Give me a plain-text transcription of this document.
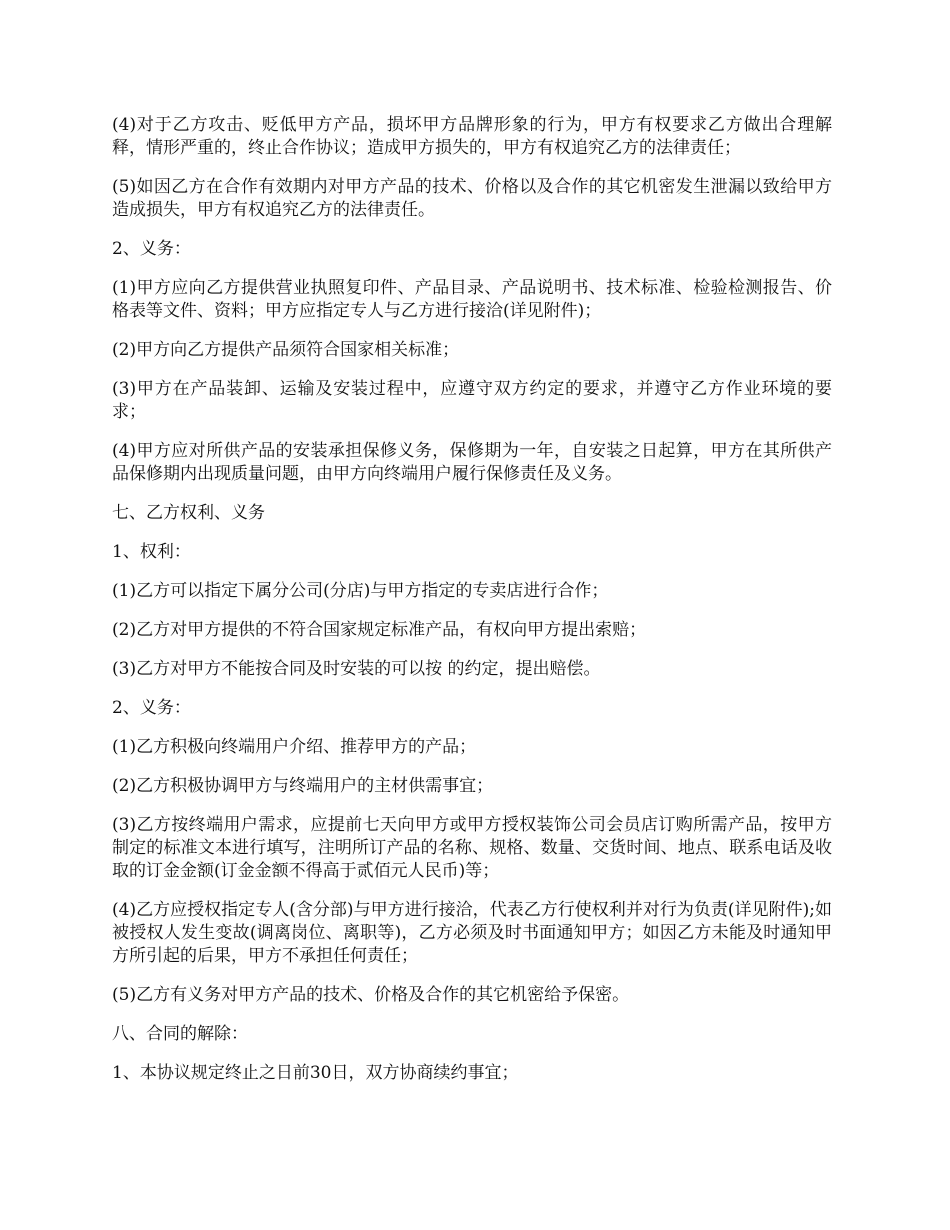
(4)对于乙方攻击、贬低甲方产品，损坏甲方品牌形象的行为，甲方有权要求乙方做出合理解释，情形严重的，终止合作协议；造成甲方损失的，甲方有权追究乙方的法律责任；

(5)如因乙方在合作有效期内对甲方产品的技术、价格以及合作的其它机密发生泄漏以致给甲方造成损失，甲方有权追究乙方的法律责任。

2、义务：

(1)甲方应向乙方提供营业执照复印件、产品目录、产品说明书、技术标准、检验检测报告、价格表等文件、资料；甲方应指定专人与乙方进行接洽(详见附件)；

(2)甲方向乙方提供产品须符合国家相关标准；

(3)甲方在产品装卸、运输及安装过程中，应遵守双方约定的要求，并遵守乙方作业环境的要求；

(4)甲方应对所供产品的安装承担保修义务，保修期为一年，自安装之日起算，甲方在其所供产品保修期内出现质量问题，由甲方向终端用户履行保修责任及义务。

七、乙方权利、义务

1、权利：

(1)乙方可以指定下属分公司(分店)与甲方指定的专卖店进行合作；

(2)乙方对甲方提供的不符合国家规定标准产品，有权向甲方提出索赔；

(3)乙方对甲方不能按合同及时安装的可以按 的约定，提出赔偿。

2、义务：

(1)乙方积极向终端用户介绍、推荐甲方的产品；

(2)乙方积极协调甲方与终端用户的主材供需事宜；

(3)乙方按终端用户需求，应提前七天向甲方或甲方授权装饰公司会员店订购所需产品，按甲方制定的标准文本进行填写，注明所订产品的名称、规格、数量、交货时间、地点、联系电话及收取的订金金额(订金金额不得高于贰佰元人民币)等；

(4)乙方应授权指定专人(含分部)与甲方进行接洽，代表乙方行使权利并对行为负责(详见附件);如被授权人发生变故(调离岗位、离职等)，乙方必须及时书面通知甲方；如因乙方未能及时通知甲方所引起的后果，甲方不承担任何责任；

(5)乙方有义务对甲方产品的技术、价格及合作的其它机密给予保密。

八、合同的解除：

1、本协议规定终止之日前30日，双方协商续约事宜；
